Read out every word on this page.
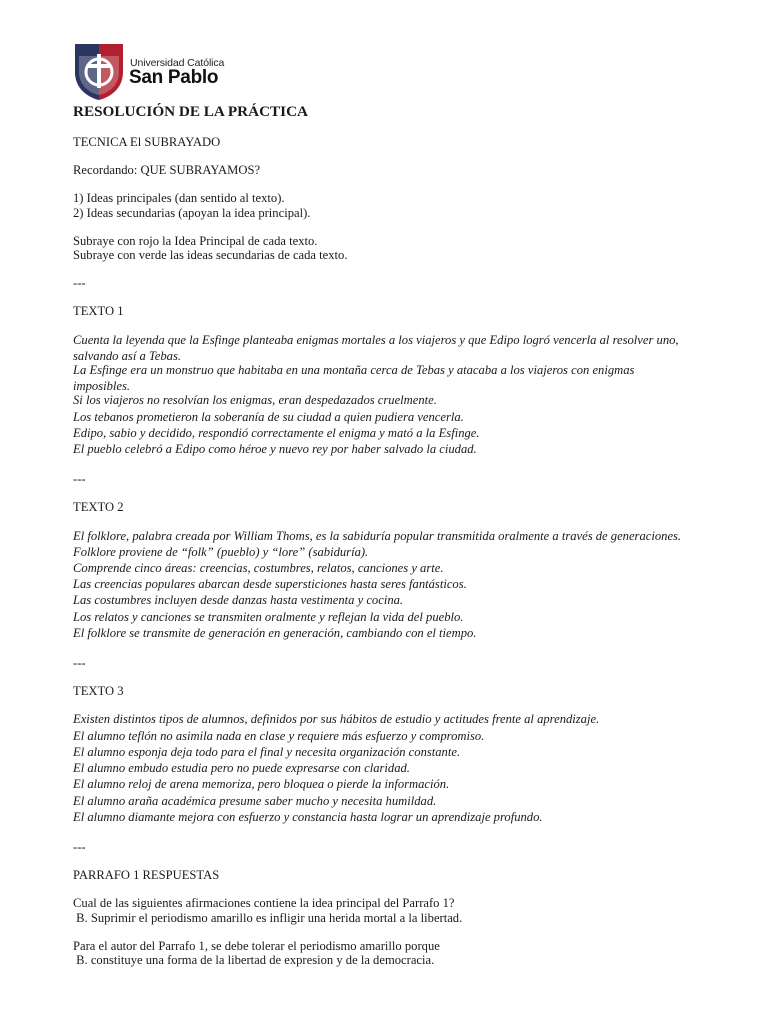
Universidad Católica
San Pablo
RESOLUCIÓN DE LA PRÁCTICA

TECNICA El SUBRAYADO

Recordando: QUE SUBRAYAMOS?

1) Ideas principales (dan sentido al texto).
2) Ideas secundarias (apoyan la idea principal).

Subraye con rojo la Idea Principal de cada texto.
Subraye con verde las ideas secundarias de cada texto.

---

TEXTO 1

Cuenta la leyenda que la Esfinge planteaba enigmas mortales a los viajeros y que Edipo logró vencerla al resolver uno, salvando así a Tebas.
La Esfinge era un monstruo que habitaba en una montaña cerca de Tebas y atacaba a los viajeros con enigmas imposibles.
Si los viajeros no resolvían los enigmas, eran despedazados cruelmente.
Los tebanos prometieron la soberanía de su ciudad a quien pudiera vencerla.
Edipo, sabio y decidido, respondió correctamente el enigma y mató a la Esfinge.
El pueblo celebró a Edipo como héroe y nuevo rey por haber salvado la ciudad.

---

TEXTO 2

El folklore, palabra creada por William Thoms, es la sabiduría popular transmitida oralmente a través de generaciones.
Folklore proviene de “folk” (pueblo) y “lore” (sabiduría).
Comprende cinco áreas: creencias, costumbres, relatos, canciones y arte.
Las creencias populares abarcan desde supersticiones hasta seres fantásticos.
Las costumbres incluyen desde danzas hasta vestimenta y cocina.
Los relatos y canciones se transmiten oralmente y reflejan la vida del pueblo.
El folklore se transmite de generación en generación, cambiando con el tiempo.

---

TEXTO 3

Existen distintos tipos de alumnos, definidos por sus hábitos de estudio y actitudes frente al aprendizaje.
El alumno teflón no asimila nada en clase y requiere más esfuerzo y compromiso.
El alumno esponja deja todo para el final y necesita organización constante.
El alumno embudo estudia pero no puede expresarse con claridad.
El alumno reloj de arena memoriza, pero bloquea o pierde la información.
El alumno araña académica presume saber mucho y necesita humildad.
El alumno diamante mejora con esfuerzo y constancia hasta lograr un aprendizaje profundo.

---

PARRAFO 1 RESPUESTAS

Cual de las siguientes afirmaciones contiene la idea principal del Parrafo 1?
B. Suprimir el periodismo amarillo es infligir una herida mortal a la libertad.

Para el autor del Parrafo 1, se debe tolerar el periodismo amarillo porque
B. constituye una forma de la libertad de expresion y de la democracia.
